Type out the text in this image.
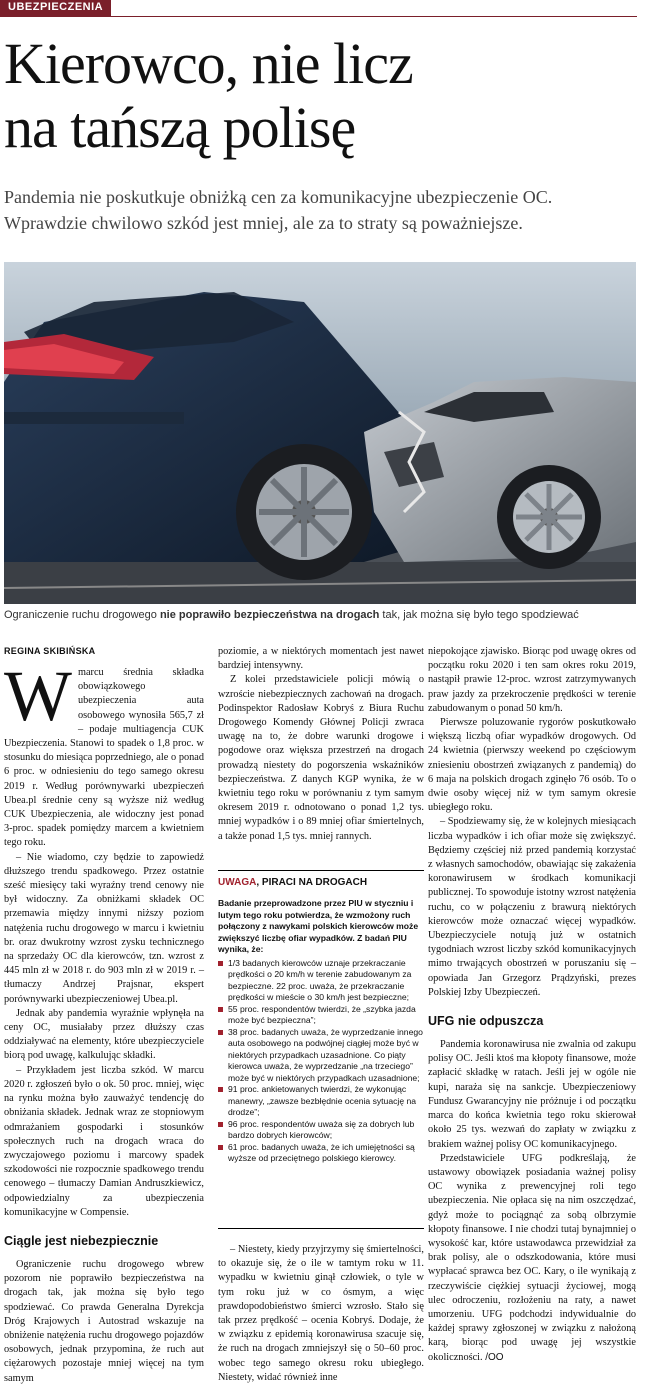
UBEZPIECZENIA
Kierowco, nie licz
na tańszą polisę

Pandemia nie poskutkuje obniżką cen za komunikacyjne ubezpieczenie OC. Wprawdzie chwilowo szkód jest mniej, ale za to straty są poważniejsze.

Ograniczenie ruchu drogowego nie poprawiło bezpieczeństwa na drogach tak, jak można się było tego spodziewać
REGINA SKIBIŃSKA
W marcu średnia składka obowiązkowego ubezpieczenia auta osobowego wynosiła 565,7 zł – podaje multiagencja CUK Ubezpieczenia. Stanowi to spadek o 1,8 proc. w stosunku do miesiąca poprzedniego, ale o ponad 6 proc. w odniesieniu do tego samego okresu 2019 r. Według porównywarki ubezpieczeń Ubea.pl średnie ceny są wyższe niż według CUK Ubezpieczenia, ale widoczny jest ponad 3-proc. spadek pomiędzy marcem a kwietniem tego roku.

– Nie wiadomo, czy będzie to zapowiedź dłuższego trendu spadkowego. Przez ostatnie sześć miesięcy taki wyraźny trend cenowy nie był widoczny. Za obniżkami składek OC przemawia między innymi niższy poziom natężenia ruchu drogowego w marcu i kwietniu br. oraz dwukrotny wzrost zysku technicznego na sprzedaży OC dla kierowców, tzn. wzrost z 445 mln zł w 2018 r. do 903 mln zł w 2019 r. – tłumaczy Andrzej Prajsnar, ekspert porównywarki ubezpieczeniowej Ubea.pl.

Jednak aby pandemia wyraźnie wpłynęła na ceny OC, musiałaby przez dłuższy czas oddziaływać na elementy, które ubezpieczyciele biorą pod uwagę, kalkulując składki.

– Przykładem jest liczba szkód. W marcu 2020 r. zgłoszeń było o ok. 50 proc. mniej, więc na rynku można było zauważyć tendencję do obniżania składek. Jednak wraz ze stopniowym odmrażaniem gospodarki i stosunków społecznych ruch na drogach wraca do zwyczajowego poziomu i marcowy spadek szkodowości nie rozpocznie spadkowego trendu cenowego – tłumaczy Damian Andruszkiewicz, odpowiedzialny za ubezpieczenia komunikacyjne w Compensie.

Ciągle jest niebezpiecznie

Ograniczenie ruchu drogowego wbrew pozorom nie poprawiło bezpieczeństwa na drogach tak, jak można się było tego spodziewać. Co prawda Generalna Dyrekcja Dróg Krajowych i Autostrad wskazuje na obniżenie natężenia ruchu drogowego pojazdów osobowych, jednak przypomina, że ruch aut ciężarowych pozostaje mniej więcej na tym samym

poziomie, a w niektórych momentach jest nawet bardziej intensywny.

Z kolei przedstawiciele policji mówią o wzroście niebezpiecznych zachowań na drogach. Podinspektor Radosław Kobryś z Biura Ruchu Drogowego Komendy Głównej Policji zwraca uwagę na to, że dobre warunki drogowe i pogodowe oraz większa przestrzeń na drogach prowadzą niestety do pogorszenia wskaźników bezpieczeństwa. Z danych KGP wynika, że w kwietniu tego roku w porównaniu z tym samym okresem 2019 r. odnotowano o ponad 1,2 tys. mniej wypadków i o 89 mniej ofiar śmiertelnych, a także ponad 1,5 tys. mniej rannych.

UWAGA, PIRACI NA DROGACH
Badanie przeprowadzone przez PIU w styczniu i lutym tego roku potwierdza, że wzmożony ruch połączony z nawykami polskich kierowców może zwiększyć liczbę ofiar wypadków. Z badań PIU wynika, że:
1/3 badanych kierowców uznaje przekraczanie prędkości o 20 km/h w terenie zabudowanym za bezpieczne. 22 proc. uważa, że przekraczanie prędkości w mieście o 30 km/h jest bezpieczne;
55 proc. respondentów twierdzi, że „szybka jazda może być bezpieczna”;
38 proc. badanych uważa, że wyprzedzanie innego auta osobowego na podwójnej ciągłej może być w niektórych przypadkach uzasadnione. Co piąty kierowca uważa, że wyprzedzanie „na trzeciego” może być w niektórych przypadkach uzasadnione;
91 proc. ankietowanych twierdzi, że wykonując manewry, „zawsze bezbłędnie ocenia sytuację na drodze”;
96 proc. respondentów uważa się za dobrych lub bardzo dobrych kierowców;
61 proc. badanych uważa, że ich umiejętności są wyższe od przeciętnego polskiego kierowcy.

– Niestety, kiedy przyjrzymy się śmiertelności, to okazuje się, że o ile w tamtym roku w 11. wypadku w kwietniu ginął człowiek, o tyle w tym roku już w co ósmym, a więc prawdopodobieństwo śmierci wzrosło. Stało się tak przez prędkość – ocenia Kobryś. Dodaje, że w związku z epidemią koronawirusa szacuje się, że ruch na drogach zmniejszył się o 50–60 proc. wobec tego samego okresu roku ubiegłego. Niestety, widać również inne

niepokojące zjawisko. Biorąc pod uwagę okres od początku roku 2020 i ten sam okres roku 2019, nastąpił prawie 12-proc. wzrost zatrzymywanych praw jazdy za przekroczenie prędkości w terenie zabudowanym o ponad 50 km/h.

Pierwsze poluzowanie rygorów poskutkowało większą liczbą ofiar wypadków drogowych. Od 24 kwietnia (pierwszy weekend po częściowym zniesieniu obostrzeń związanych z pandemią) do 6 maja na polskich drogach zginęło 76 osób. To o dwie osoby więcej niż w tym samym okresie ubiegłego roku.

– Spodziewamy się, że w kolejnych miesiącach liczba wypadków i ich ofiar może się zwiększyć. Będziemy częściej niż przed pandemią korzystać z własnych samochodów, obawiając się zakażenia koronawirusem w środkach komunikacji publicznej. To spowoduje istotny wzrost natężenia ruchu, co w połączeniu z brawurą niektórych kierowców może oznaczać więcej wypadków. Ubezpieczyciele notują już w ostatnich tygodniach wzrost liczby szkód komunikacyjnych mimo trwających obostrzeń w poruszaniu się – opowiada Jan Grzegorz Prądzyński, prezes Polskiej Izby Ubezpieczeń.

UFG nie odpuszcza

Pandemia koronawirusa nie zwalnia od zakupu polisy OC. Jeśli ktoś ma kłopoty finansowe, może zapłacić składkę w ratach. Jeśli jej w ogóle nie kupi, naraża się na sankcje. Ubezpieczeniowy Fundusz Gwarancyjny nie próżnuje i od początku marca do końca kwietnia tego roku skierował około 25 tys. wezwań do zapłaty w związku z brakiem ważnej polisy OC komunikacyjnego.

Przedstawiciele UFG podkreślają, że ustawowy obowiązek posiadania ważnej polisy OC wynika z prewencyjnej roli tego ubezpieczenia. Nie opłaca się na nim oszczędzać, gdyż może to pociągnąć za sobą olbrzymie kłopoty finansowe. I nie chodzi tutaj bynajmniej o wysokość kar, które ustawodawca przewidział za brak polisy, ale o odszkodowania, które musi wypłacać sprawca bez OC. Kary, o ile wynikają z rzeczywiście ciężkiej sytuacji życiowej, mogą ulec odroczeniu, rozłożeniu na raty, a nawet umorzeniu. UFG podchodzi indywidualnie do każdej sprawy zgłoszonej w związku z nałożoną karą, biorąc pod uwagę jej wszystkie okoliczności. /OO
